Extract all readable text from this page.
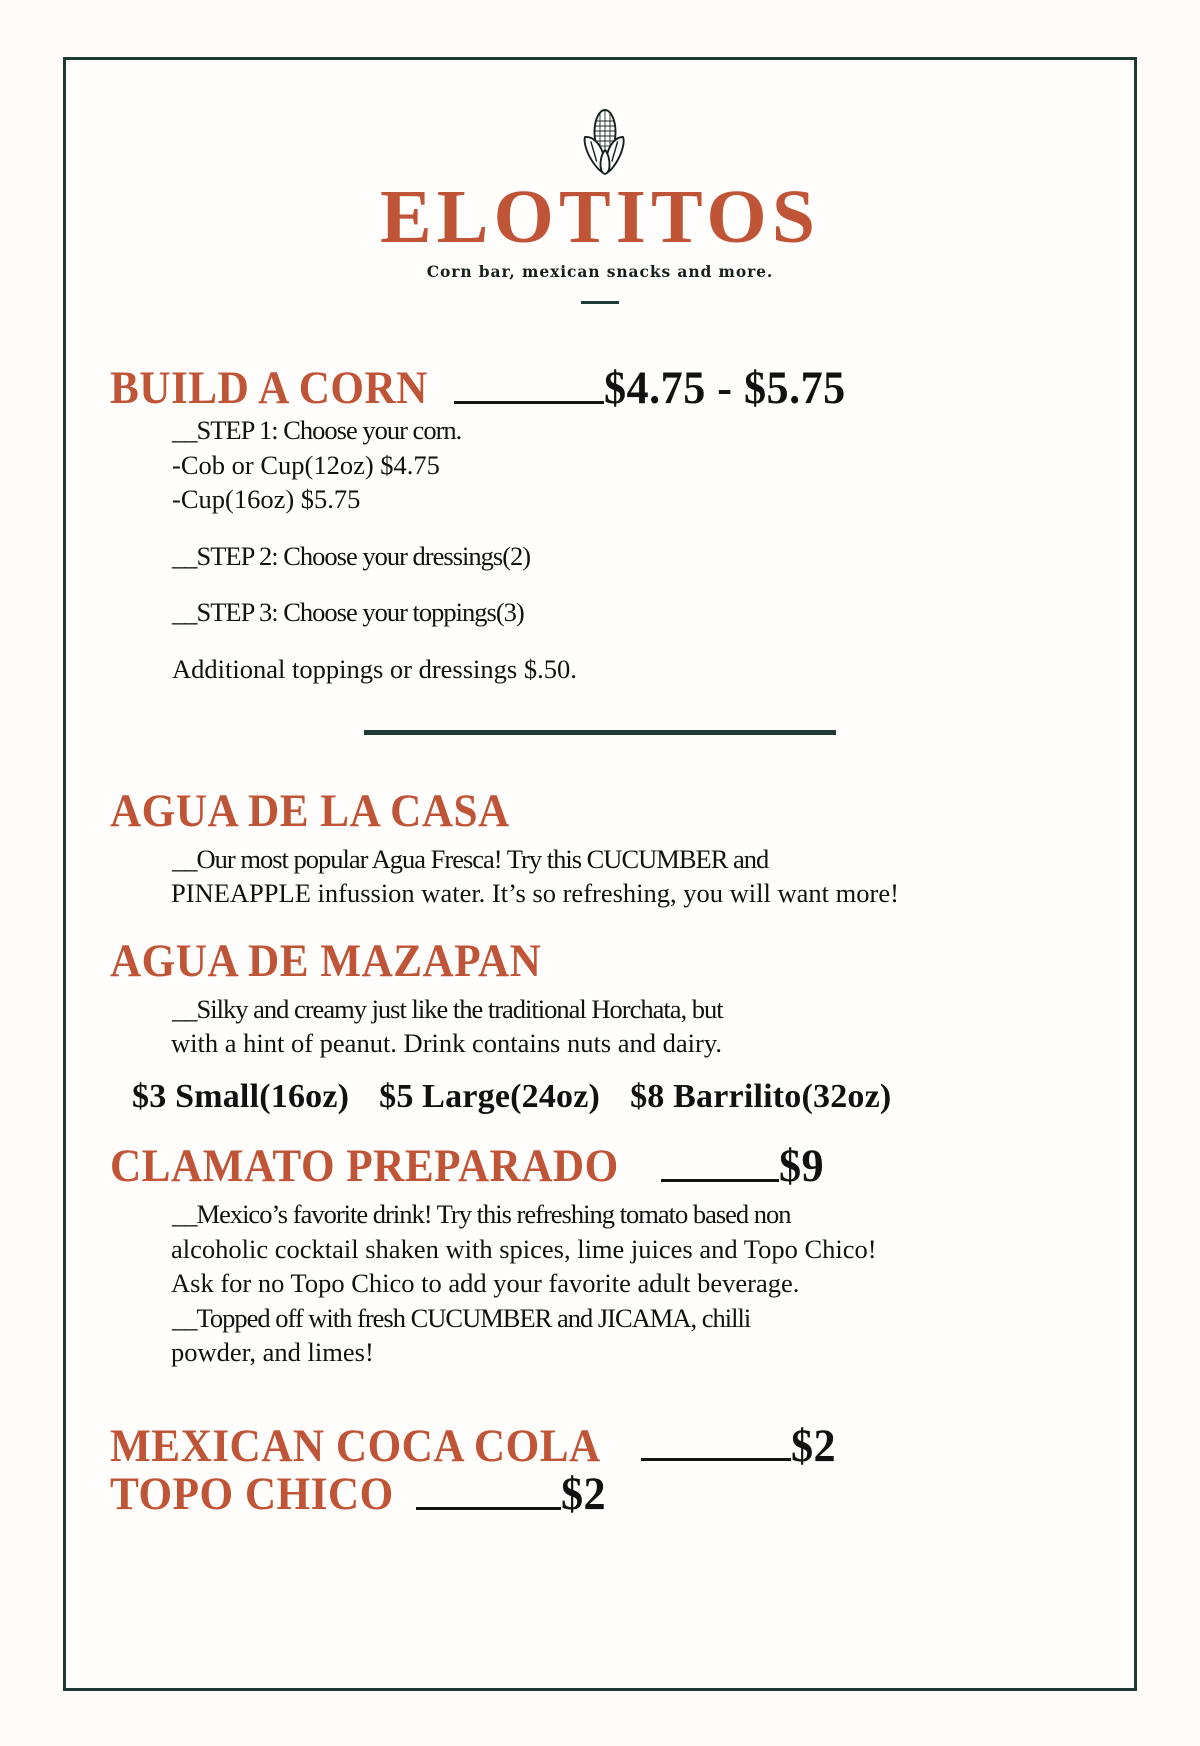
ELOTITOS
Corn bar, mexican snacks and more.
BUILD A CORN	$4.75 - $5.75

__STEP 1: Choose your corn.

-Cob or Cup(12oz) $4.75

-Cup(16oz) $5.75

__STEP 2: Choose your dressings(2)

__STEP 3: Choose your toppings(3)

Additional toppings or dressings $.50.

AGUA DE LA CASA

__Our most popular Agua Fresca! Try this CUCUMBER and

PINEAPPLE infussion water. It’s so refreshing, you will want more!

AGUA DE MAZAPAN

__Silky and creamy just like the traditional Horchata, but

with a hint of peanut. Drink contains nuts and dairy.

$3 Small(16oz) $5 Large(24oz) $8 Barrilito(32oz)
CLAMATO PREPARADO	$9

__Mexico’s favorite drink! Try this refreshing tomato based non

alcoholic cocktail shaken with spices, lime juices and Topo Chico!

Ask for no Topo Chico to add your favorite adult beverage.

__Topped off with fresh CUCUMBER and JICAMA, chilli

powder, and limes!

MEXICAN COCA COLA	$2
TOPO CHICO	$2
